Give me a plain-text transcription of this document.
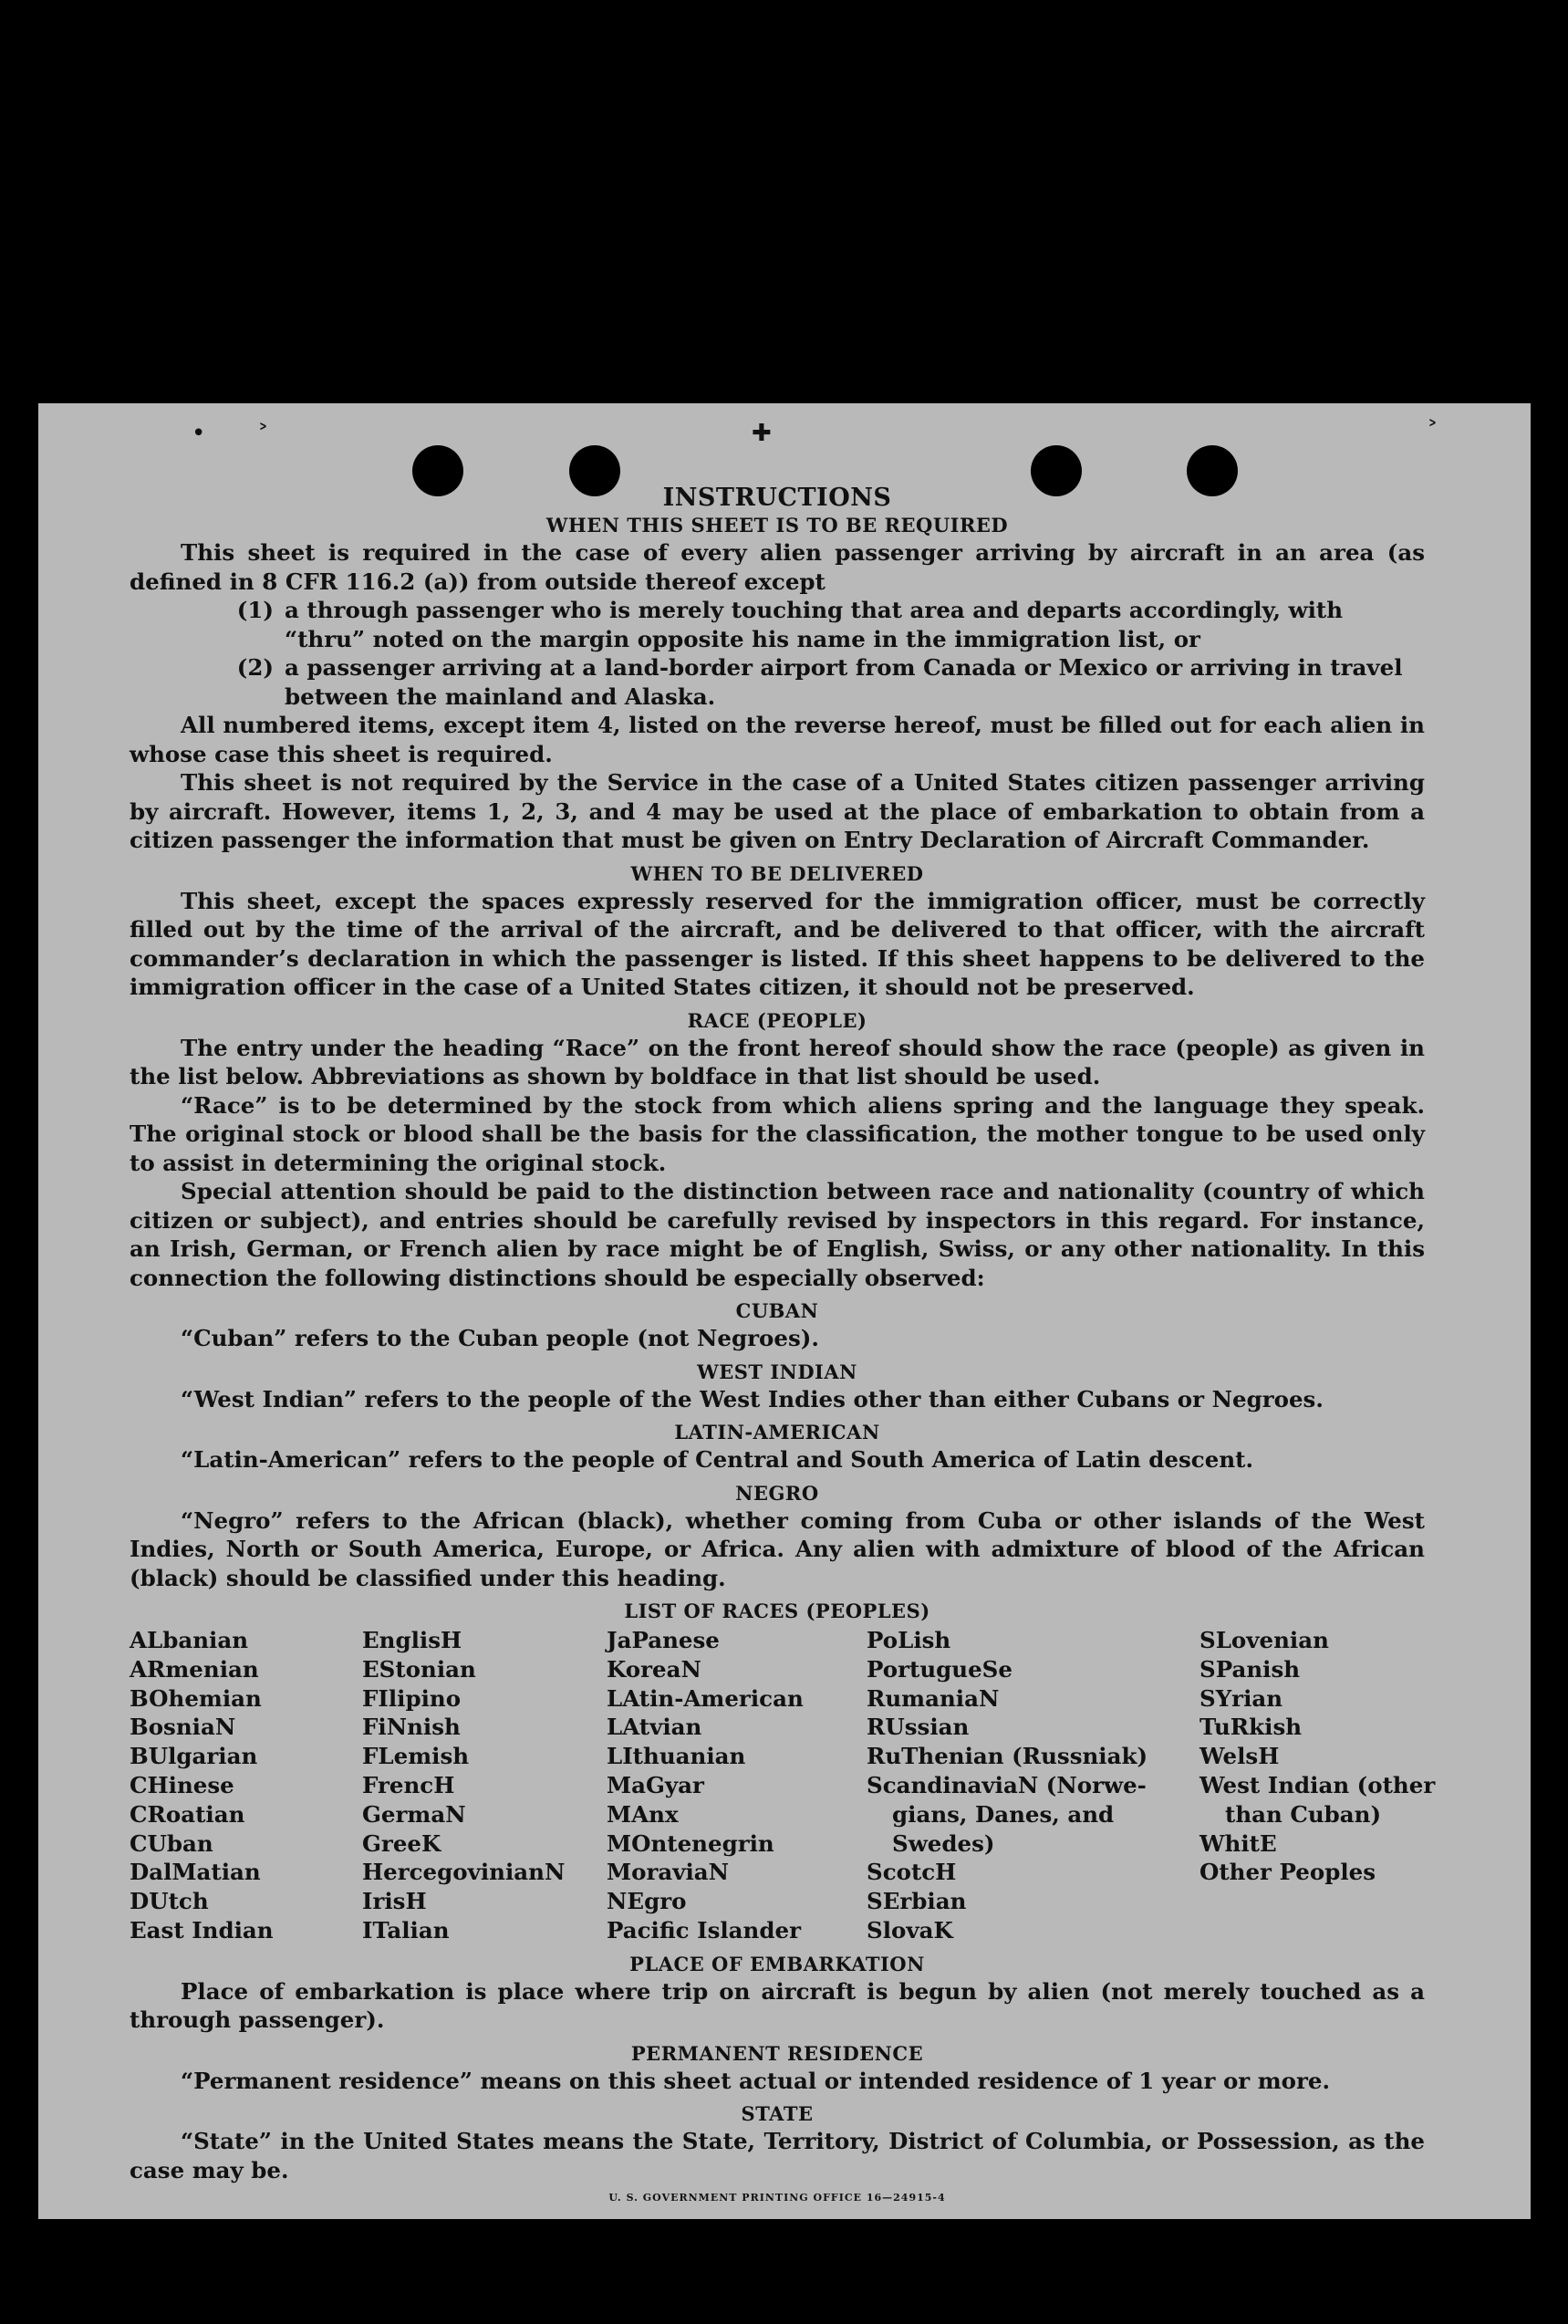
• ˃	✚	˃
INSTRUCTIONS
WHEN THIS SHEET IS TO BE REQUIRED

This sheet is required in the case of every alien passenger arriving by aircraft in an area (as defined in 8 CFR 116.2 (a)) from outside thereof except

(1) a through passenger who is merely touching that area and departs accordingly, with “thru” noted on the margin opposite his name in the immigration list, or
(2) a passenger arriving at a land-border airport from Canada or Mexico or arriving in travel between the mainland and Alaska.

All numbered items, except item 4, listed on the reverse hereof, must be filled out for each alien in whose case this sheet is required.

This sheet is not required by the Service in the case of a United States citizen passenger arriving by aircraft. However, items 1, 2, 3, and 4 may be used at the place of embarkation to obtain from a citizen passenger the information that must be given on Entry Declaration of Aircraft Commander.

WHEN TO BE DELIVERED

This sheet, except the spaces expressly reserved for the immigration officer, must be correctly filled out by the time of the arrival of the aircraft, and be delivered to that officer, with the aircraft commander’s declaration in which the passenger is listed. If this sheet happens to be delivered to the immigration officer in the case of a United States citizen, it should not be preserved.

RACE (PEOPLE)

The entry under the heading “Race” on the front hereof should show the race (people) as given in the list below. Abbreviations as shown by boldface in that list should be used.

“Race” is to be determined by the stock from which aliens spring and the language they speak. The original stock or blood shall be the basis for the classification, the mother tongue to be used only to assist in determining the original stock.

Special attention should be paid to the distinction between race and nationality (country of which citizen or subject), and entries should be carefully revised by inspectors in this regard. For instance, an Irish, German, or French alien by race might be of English, Swiss, or any other nationality. In this connection the following distinctions should be especially observed:

CUBAN

“Cuban” refers to the Cuban people (not Negroes).

WEST INDIAN

“West Indian” refers to the people of the West Indies other than either Cubans or Negroes.

LATIN-AMERICAN

“Latin-American” refers to the people of Central and South America of Latin descent.

NEGRO

“Negro” refers to the African (black), whether coming from Cuba or other islands of the West Indies, North or South America, Europe, or Africa. Any alien with admixture of blood of the African (black) should be classified under this heading.

LIST OF RACES (PEOPLES)
ALbanian
ARmenian
BOhemian
BosniaN
BUlgarian
CHinese
CRoatian
CUban
DalMatian
DUtch
East Indian
EnglisH
EStonian
FIlipino
FiNnish
FLemish
FrencH
GermaN
GreeK
HercegovinianN
IrisH
ITalian
JaPanese
KoreaN
LAtin-American
LAtvian
LIthuanian
MaGyar
MAnx
MOntenegrin
MoraviaN
NEgro
Pacific Islander
PoLish
PortugueSe
RumaniaN
RUssian
RuThenian (Russniak)
ScandinaviaN (Norwe-
gians, Danes, and
Swedes)
ScotcH
SErbian
SlovaK
SLovenian
SPanish
SYrian
TuRkish
WelsH
West Indian (other
than Cuban)
WhitE
Other Peoples
PLACE OF EMBARKATION

Place of embarkation is place where trip on aircraft is begun by alien (not merely touched as a through passenger).

PERMANENT RESIDENCE

“Permanent residence” means on this sheet actual or intended residence of 1 year or more.

STATE

“State” in the United States means the State, Territory, District of Columbia, or Possession, as the case may be.

U. S. GOVERNMENT PRINTING OFFICE 16—24915-4
